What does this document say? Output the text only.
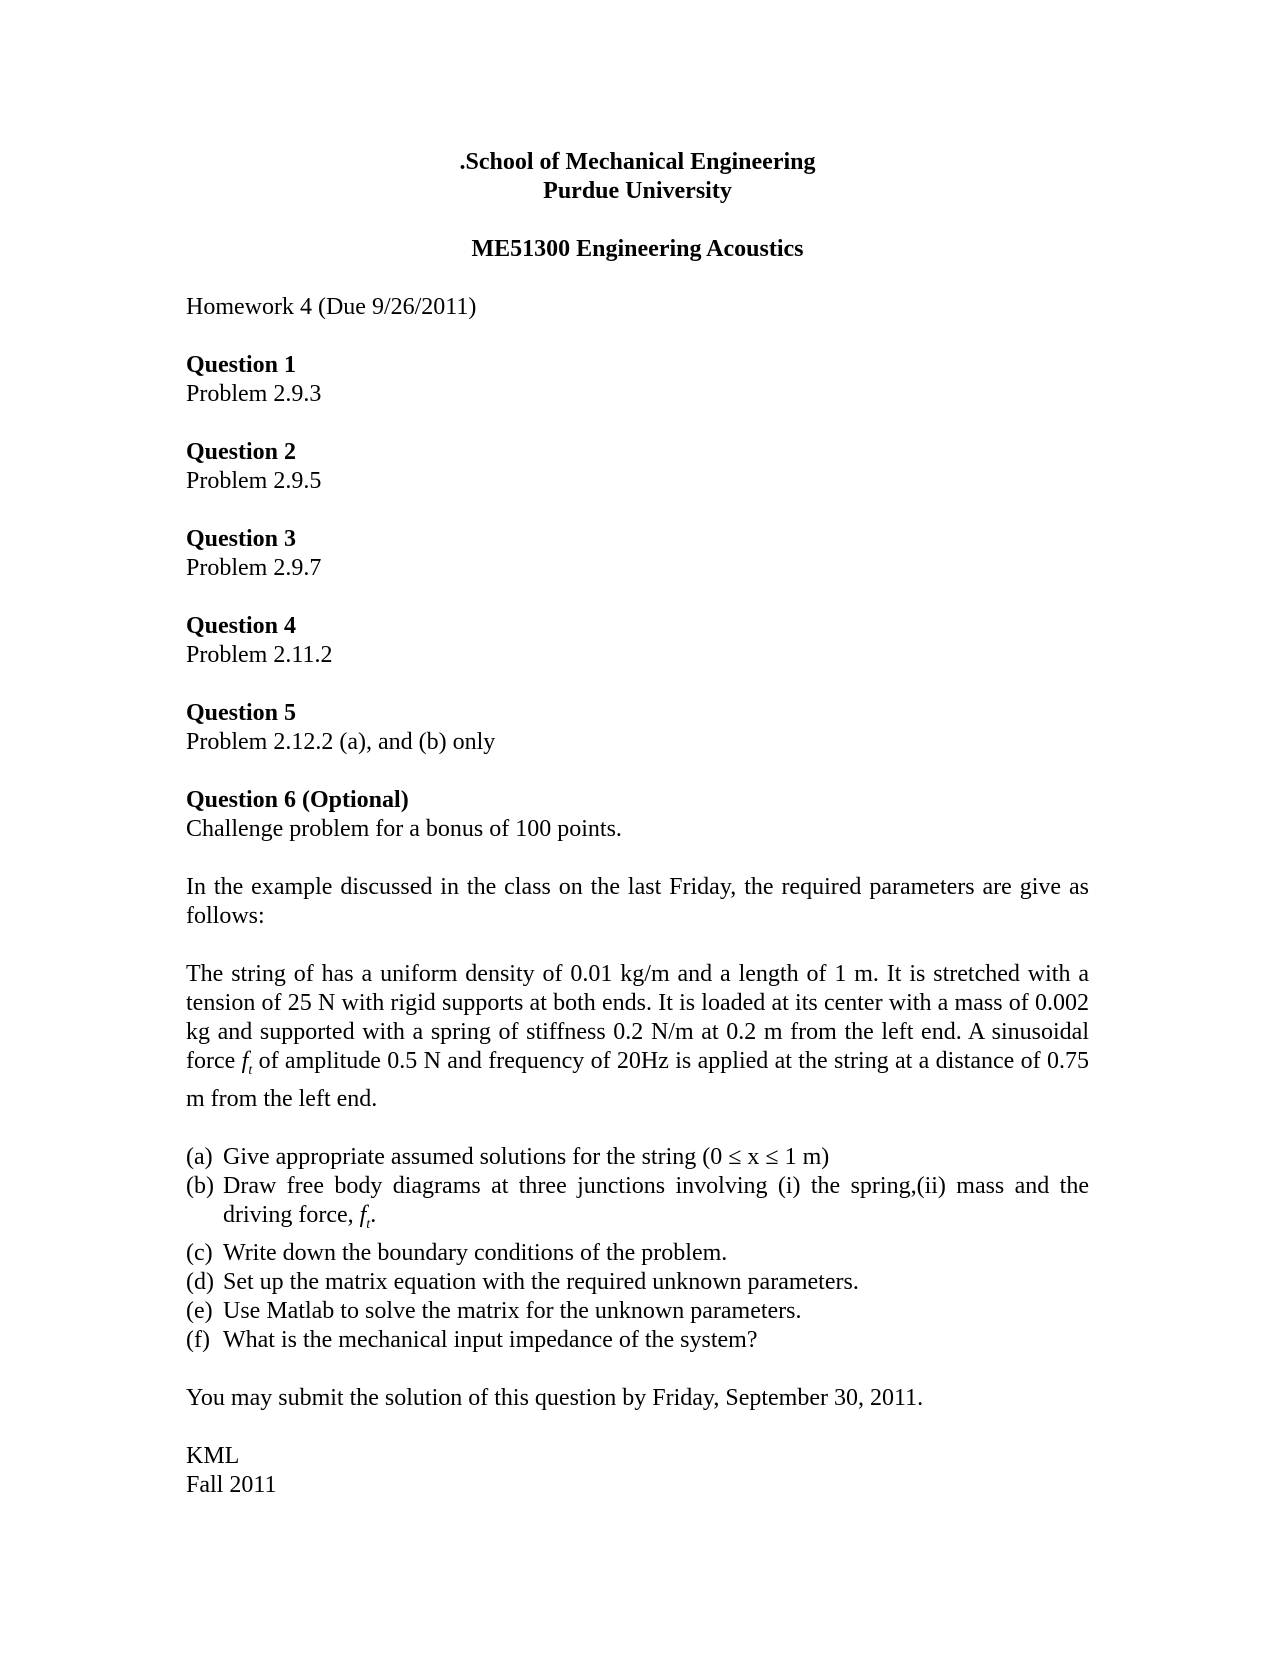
.School of Mechanical Engineering
Purdue University
ME51300 Engineering Acoustics
Homework 4 (Due 9/26/2011)
Question 1
Problem 2.9.3
Question 2
Problem 2.9.5
Question 3
Problem 2.9.7
Question 4
Problem 2.11.2
Question 5
Problem 2.12.2 (a), and (b) only
Question 6 (Optional)
Challenge problem for a bonus of 100 points.
In the example discussed in the class on the last Friday, the required parameters are give as follows:
The string of has a uniform density of 0.01 kg/m and a length of 1 m. It is stretched with a tension of 25 N with rigid supports at both ends. It is loaded at its center with a mass of 0.002 kg and supported with a spring of stiffness 0.2 N/m at 0.2 m from the left end. A sinusoidal force $f_t$ of amplitude 0.5 N and frequency of 20Hz is applied at the string at a distance of 0.75 m from the left end.
(a) Give appropriate assumed solutions for the string (0 ≤ x ≤ 1 m)
(b) Draw free body diagrams at three junctions involving (i) the spring,(ii) mass and the driving force, $f_t$.
(c) Write down the boundary conditions of the problem.
(d) Set up the matrix equation with the required unknown parameters.
(e) Use Matlab to solve the matrix for the unknown parameters.
(f) What is the mechanical input impedance of the system?
You may submit the solution of this question by Friday, September 30, 2011.
KML
Fall 2011
